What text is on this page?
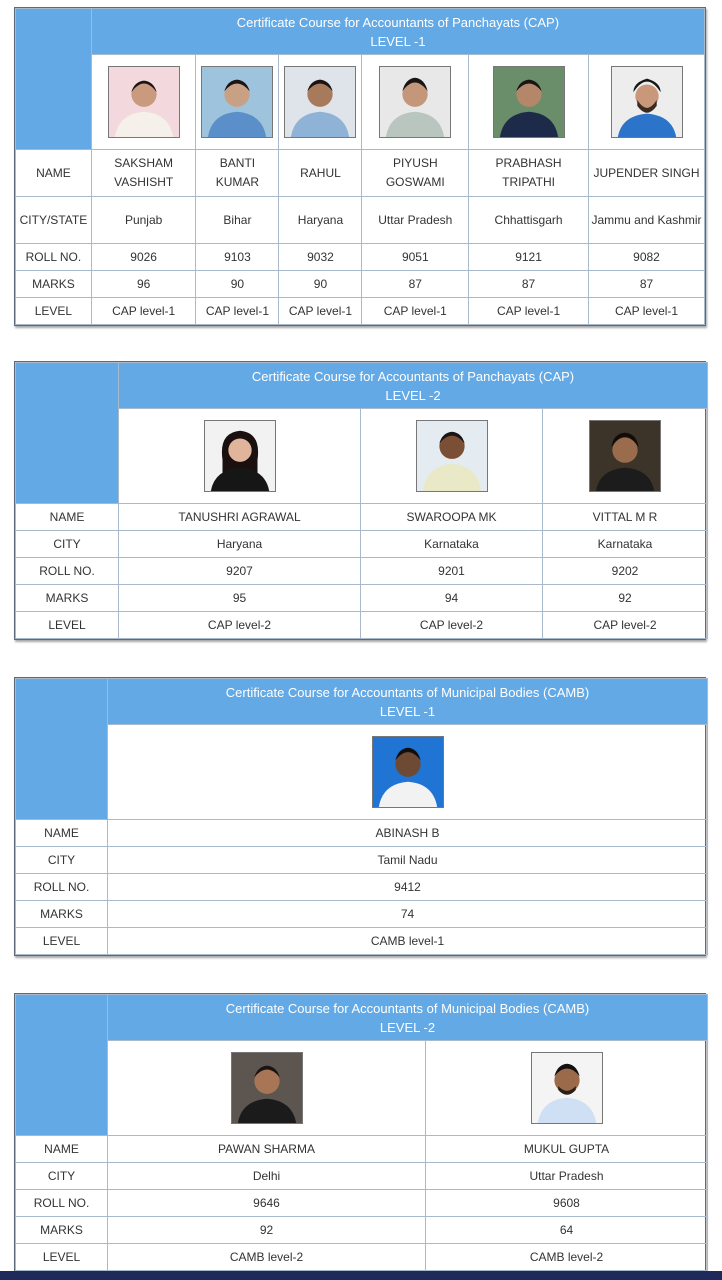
	Certificate Course for Accountants of Panchayats (CAP)
LEVEL -1					

NAME	SAKSHAM VASHISHT	BANTI KUMAR	RAHUL	PIYUSH GOSWAMI	PRABHASH TRIPATHI	JUPENDER SINGH
CITY/STATE	Punjab	Bihar	Haryana	Uttar Pradesh	Chhattisgarh	Jammu and Kashmir
ROLL NO.	9026	9103	9032	9051	9121	9082
MARKS	96	90	90	87	87	87
LEVEL	CAP level-1	CAP level-1	CAP level-1	CAP level-1	CAP level-1	CAP level-1

	Certificate Course for Accountants of Panchayats (CAP)
LEVEL -2		

NAME	TANUSHRI AGRAWAL	SWAROOPA MK	VITTAL M R
CITY	Haryana	Karnataka	Karnataka
ROLL NO.	9207	9201	9202
MARKS	95	94	92
LEVEL	CAP level-2	CAP level-2	CAP level-2

	Certificate Course for Accountants of Municipal Bodies (CAMB)
LEVEL -1

NAME	ABINASH B
CITY	Tamil Nadu
ROLL NO.	9412
MARKS	74
LEVEL	CAMB level-1

	Certificate Course for Accountants of Municipal Bodies (CAMB)
LEVEL -2	

NAME	PAWAN SHARMA	MUKUL GUPTA
CITY	Delhi	Uttar Pradesh
ROLL NO.	9646	9608
MARKS	92	64
LEVEL	CAMB level-2	CAMB level-2
